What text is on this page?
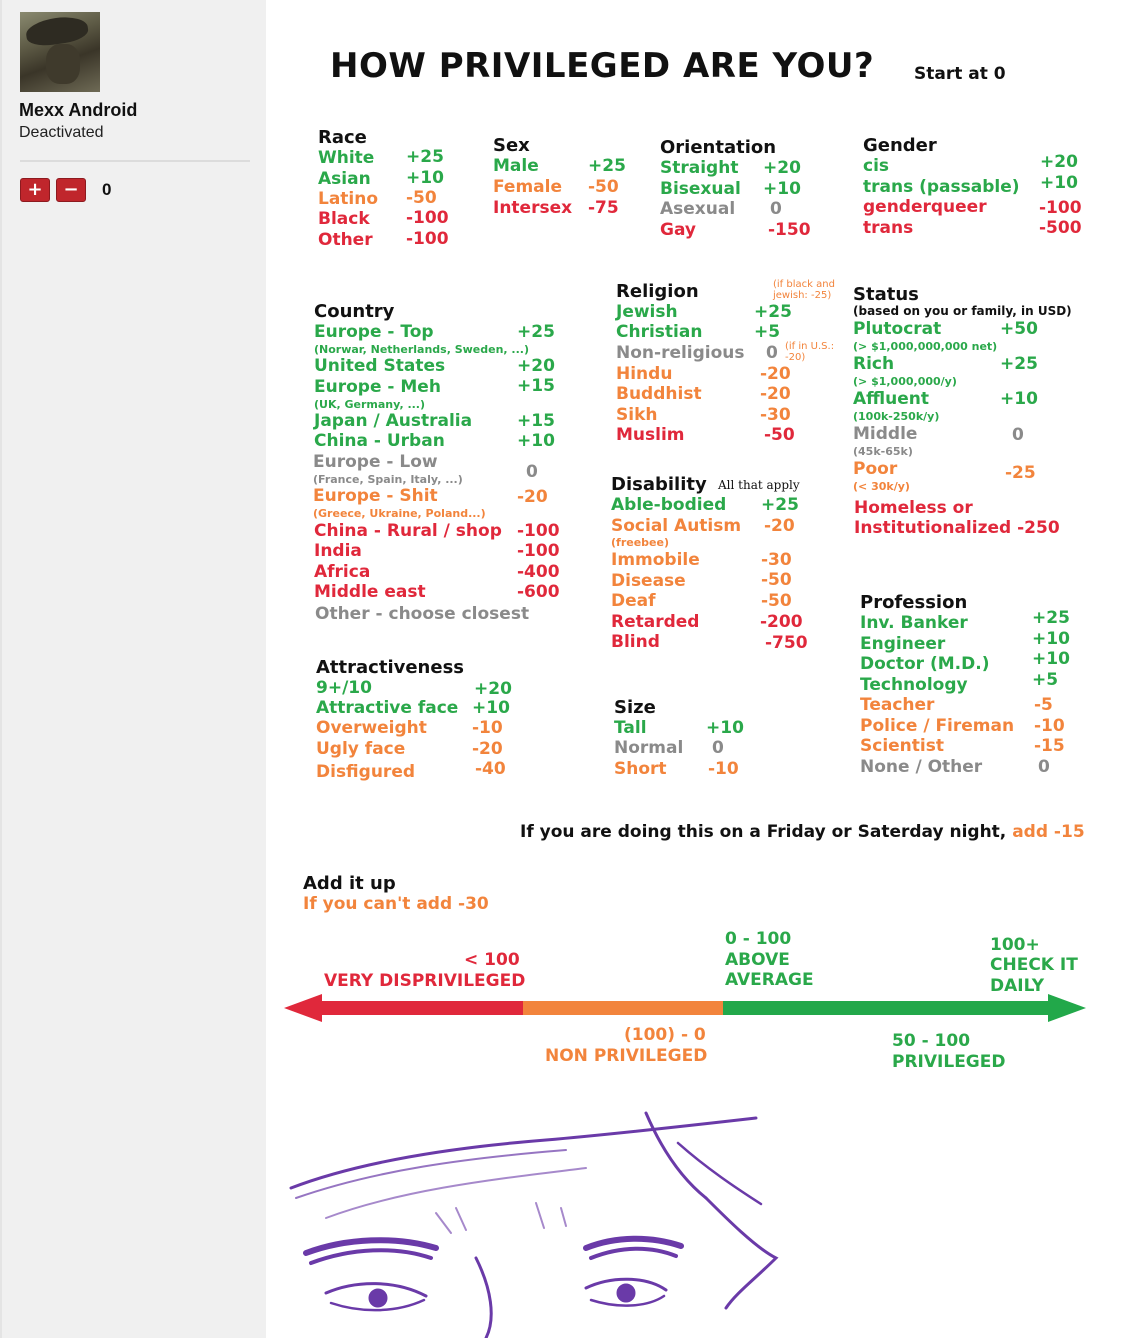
Mexx Android
Deactivated
+	−	0
HOW PRIVILEGED ARE YOU? Start at 0
Race
White +25
Asian +10
Latino -50
Black -100
Other -100
Sex
Male	+25
Female -50
Intersex -75
Orientation
Straight +20
Bisexual +10
Asexual 0
Gay	-150
Gender
cis	+20
trans (passable) +10
genderqueer	-100
trans	-500
Country
Europe - Top	+25
(Norwar, Netherlands, Sweden, ...)
United States	+20
Europe - Meh	+15
(UK, Germany, ...)
Japan / Australia	+15
China - Urban	+10
Europe - Low	0
(France, Spain, Italy, ...)
Europe - Shit	-20
(Greece, Ukraine, Poland...)
China - Rural / shop -100
India	-100
Africa	-400
Middle east	-600
Other - choose closest
Religion	(if black and jewish: -25)
Jewish	+25
Christian	+5
Non-religious 0 (if in U.S.: -20)
Hindu	-20
Buddhist	-20
Sikh	-30
Muslim	-50
Status
(based on you or family, in USD)
Plutocrat	+50
(> $1,000,000,000 net)
Rich	+25
(> $1,000,000/y)
Affluent	+10
(100k-250k/y)
Middle	0
(45k-65k)
Poor	-25
(< 30k/y)
Homeless or
Institutionalized -250
Disability All that apply
Able-bodied +25
Social Autism -20
(freebee)
Immobile	-30
Disease	-50
Deaf	-50
Retarded	-200
Blind	-750
Profession
Inv. Banker	+25
Engineer	+10
Doctor (M.D.)	+10
Technology	+5
Teacher	-5
Police / Fireman -10
Scientist	-15
None / Other	0
Attractiveness
9+/10	+20
Attractive face +10
Overweight	-10
Ugly face	-20
Disfigured	-40
Size
Tall	+10
Normal 0
Short -10
If you are doing this on a Friday or Saterday night, add -15
Add it up
If you can't add -30
< 100
VERY DISPRIVILEGED
0 - 100
ABOVE
AVERAGE
100+
CHECK IT
DAILY
(100) - 0
NON PRIVILEGED
50 - 100
PRIVILEGED
